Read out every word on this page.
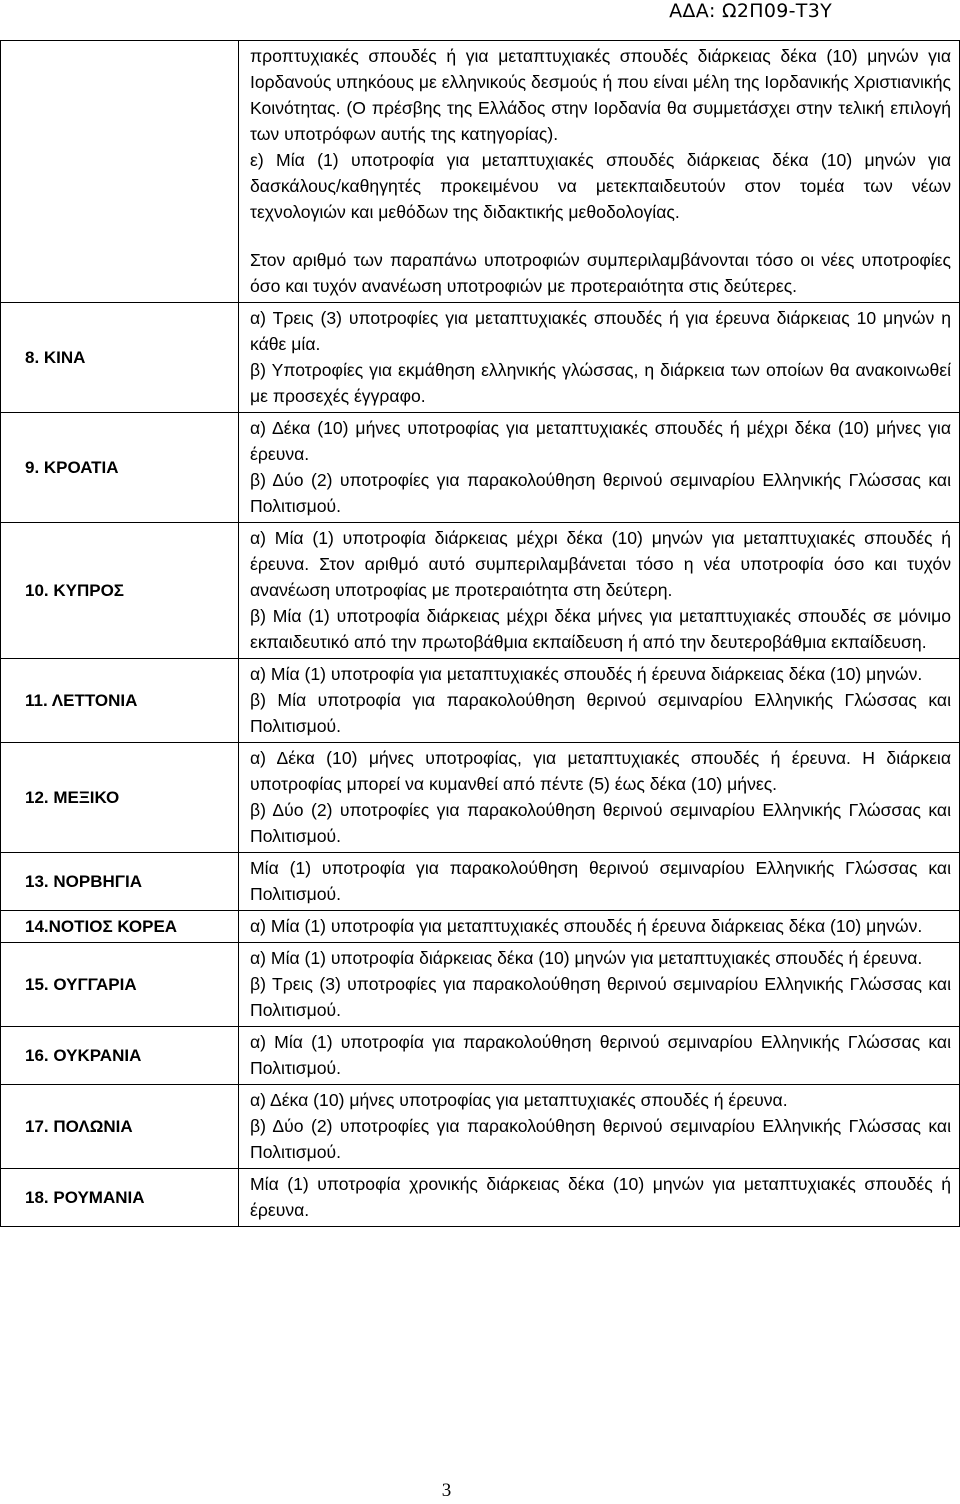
ΑΔΑ: Ω2Π09-Τ3Υ

	προπτυχιακές σπουδές ή για μεταπτυχιακές σπουδές διάρκειας δέκα (10) μηνών για Ιορδανούς υπηκόους με ελληνικούς δεσμούς ή που είναι μέλη της Ιορδανικής Χριστιανικής Κοινότητας. (Ο πρέσβης της Ελλάδος στην Ιορδανία θα συμμετάσχει στην τελική επιλογή των υποτρόφων αυτής της κατηγορίας).

ε) Μία (1) υποτροφία για μεταπτυχιακές σπουδές διάρκειας δέκα (10) μηνών για δασκάλους/καθηγητές προκειμένου να μετεκπαιδευτούν στον τομέα των νέων τεχνολογιών και μεθόδων της διδακτικής μεθοδολογίας.

Στον αριθμό των παραπάνω υποτροφιών συμπεριλαμβάνονται τόσο οι νέες υποτροφίες όσο και τυχόν ανανέωση υποτροφιών με προτεραιότητα στις δεύτερες.

8. ΚΙΝΑ	α) Τρεις (3) υποτροφίες για μεταπτυχιακές σπουδές ή για έρευνα διάρκειας 10 μηνών η κάθε μία.

β) Υποτροφίες για εκμάθηση ελληνικής γλώσσας, η διάρκεια των οποίων θα ανακοινωθεί με προσεχές έγγραφο.

9. ΚΡΟΑΤΙΑ	α) Δέκα (10) μήνες υποτροφίας για μεταπτυχιακές σπουδές ή μέχρι δέκα (10) μήνες για έρευνα.

β) Δύο (2) υποτροφίες για παρακολούθηση θερινού σεμιναρίου Ελληνικής Γλώσσας και Πολιτισμού.

10. ΚΥΠΡΟΣ	α) Μία (1) υποτροφία διάρκειας μέχρι δέκα (10) μηνών για μεταπτυχιακές σπουδές ή έρευνα. Στον αριθμό αυτό συμπεριλαμβάνεται τόσο η νέα υποτροφία όσο και τυχόν ανανέωση υποτροφίας με προτεραιότητα στη δεύτερη.

β) Μία (1) υποτροφία διάρκειας μέχρι δέκα μήνες για μεταπτυχιακές σπουδές σε μόνιμο εκπαιδευτικό από την πρωτοβάθμια εκπαίδευση ή από την δευτεροβάθμια εκπαίδευση.

11. ΛΕΤΤΟΝΙΑ	α) Μία (1) υποτροφία για μεταπτυχιακές σπουδές ή έρευνα διάρκειας δέκα (10) μηνών.

β) Μία υποτροφία για παρακολούθηση θερινού σεμιναρίου Ελληνικής Γλώσσας και Πολιτισμού.

12. ΜΕΞΙΚΟ	α) Δέκα (10) μήνες υποτροφίας, για μεταπτυχιακές σπουδές ή έρευνα. Η διάρκεια υποτροφίας μπορεί να κυμανθεί από πέντε (5) έως δέκα (10) μήνες.

β) Δύο (2) υποτροφίες για παρακολούθηση θερινού σεμιναρίου Ελληνικής Γλώσσας και Πολιτισμού.

13. ΝΟΡΒΗΓΙΑ	Μία (1) υποτροφία για παρακολούθηση θερινού σεμιναρίου Ελληνικής Γλώσσας και Πολιτισμού.

14.ΝΟΤΙΟΣ ΚΟΡΕΑ	α) Μία (1) υποτροφία για μεταπτυχιακές σπουδές ή έρευνα διάρκειας δέκα (10) μηνών.

15. ΟΥΓΓΑΡΙΑ	α) Μία (1) υποτροφία διάρκειας δέκα (10) μηνών για μεταπτυχιακές σπουδές ή έρευνα.

β) Τρεις (3) υποτροφίες για παρακολούθηση θερινού σεμιναρίου Ελληνικής Γλώσσας και Πολιτισμού.

16. ΟΥΚΡΑΝΙΑ	α) Μία (1) υποτροφία για παρακολούθηση θερινού σεμιναρίου Ελληνικής Γλώσσας και Πολιτισμού.

17. ΠΟΛΩΝΙΑ	α) Δέκα (10) μήνες υποτροφίας για μεταπτυχιακές σπουδές ή έρευνα.

β) Δύο (2) υποτροφίες για παρακολούθηση θερινού σεμιναρίου Ελληνικής Γλώσσας και Πολιτισμού.

18. ΡΟΥΜΑΝΙΑ	Μία (1) υποτροφία χρονικής διάρκειας δέκα (10) μηνών για μεταπτυχιακές σπουδές ή έρευνα.

3
